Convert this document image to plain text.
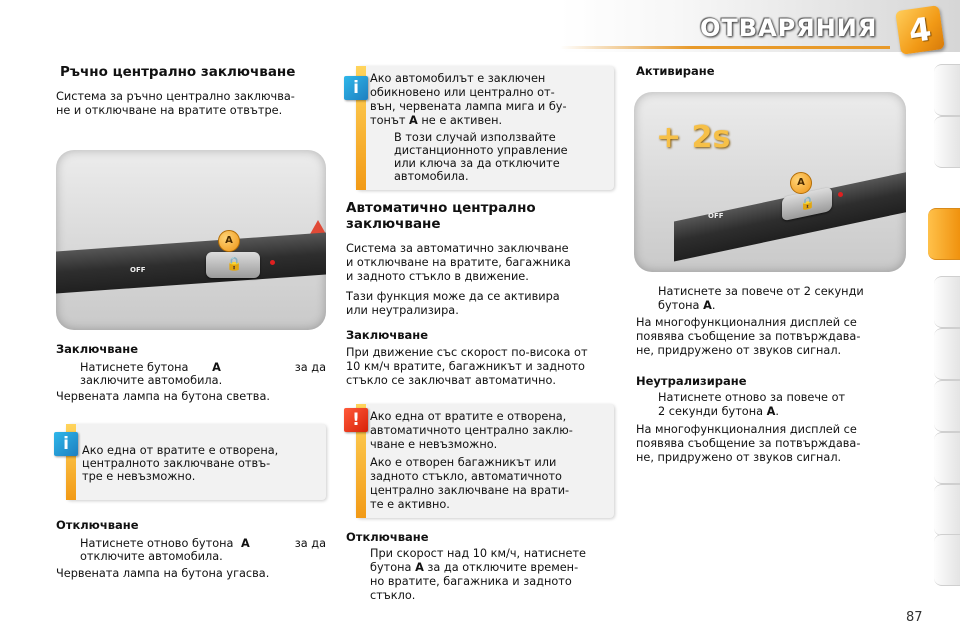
ОТВАРЯНИЯ 4
Ръчно централно заключване
Система за ръчно централно заключва-
не и отключване на вратите отвътре.
OFF	🔒
A
Заключване
Натиснете бутона A	за да
заключите автомобила.
Червената лампа на бутона светва.
Ако една от вратите е отворена,
централното заключване отвъ-
тре е невъзможно.
i
Отключване
Натиснете отново бутона A	за да
отключите автомобила.
Червената лампа на бутона угасва.
Ако автомобилът е заключен
обикновено или централно от-
вън, червената лампа мига и бу-
тонът A не е активен.
В този случай използвайте
дистанционното управление
или ключа за да отключите
автомобила.
i
Автоматично централно
заключване
Система за автоматично заключване
и отключване на вратите, багажника
и задното стъкло в движение.
Тази функция може да се активира
или неутрализира.
Заключване
При движение със скорост по-висока от
10 км/ч вратите, багажникът и задното
стъкло се заключват автоматично.
Ако една от вратите е отворена,
автоматичното централно заклю-
чване е невъзможно.
Ако е отворен багажникът или
задното стъкло, автоматичното
централно заключване на врати-
те е активно.
!
Отключване
При скорост над 10 км/ч, натиснете
бутона A за да отключите времен-
но вратите, багажника и задното
стъкло.
Активиране
+ 2s
OFF
🔒
A
Натиснете за повече от 2 секунди
бутона A.
На многофункционалния дисплей се
появява съобщение за потвърждава-
не, придружено от звуков сигнал.
Неутрализиране
Натиснете отново за повече от
2 секунди бутона A.
На многофункционалния дисплей се
появява съобщение за потвърждава-
не, придружено от звуков сигнал.
87
